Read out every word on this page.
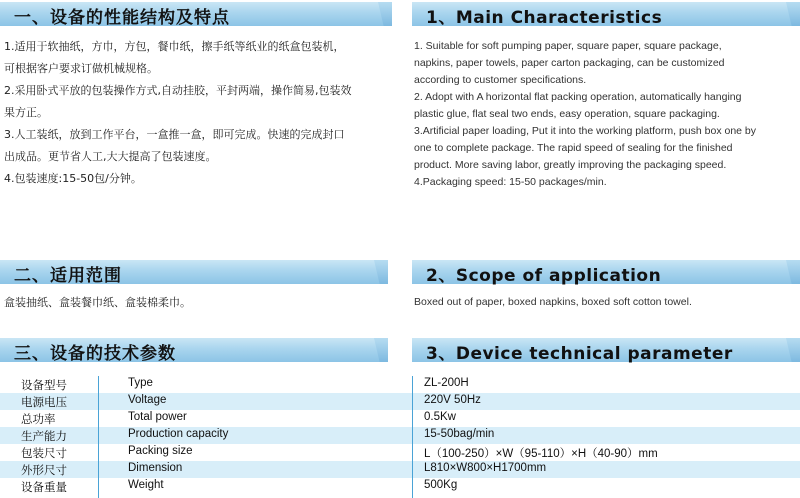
一、设备的性能结构及特点	1、Main Characteristics
1.适用于软抽纸，方巾，方包，餐巾纸，擦手纸等纸业的纸盒包装机，
可根据客户要求订做机械规格。
2.采用卧式平放的包装操作方式,自动挂胶，平封两端，操作简易,包装效
果方正。
3.人工装纸，放到工作平台，一盒推一盒，即可完成。快速的完成封口
出成品。更节省人工,大大提高了包装速度。
4.包装速度:15-50包/分钟。
1. Suitable for soft pumping paper, square paper, square package,
napkins, paper towels, paper carton packaging, can be customized
according to customer specifications.
2. Adopt with A horizontal flat packing operation, automatically hanging
plastic glue, flat seal two ends, easy operation, square packaging.
3.Artificial paper loading, Put it into the working platform, push box one by
one to complete package. The rapid speed of sealing for the finished
product. More saving labor, greatly improving the packaging speed.
4.Packaging speed: 15-50 packages/min.
二、适用范围	2、Scope of application
盒装抽纸、盒装餐巾纸、盒装棉柔巾。	Boxed out of paper, boxed napkins, boxed soft cotton towel.
三、设备的技术参数	3、Device technical parameter
设备型号	Type	ZL-200H
电源电压	Voltage	220V 50Hz
总功率	Total power	0.5Kw
生产能力	Production capacity	15-50bag/min
包装尺寸	Packing size	L（100-250）×W（95-110）×H（40-90）mm
外形尺寸	Dimension	L810×W800×H1700mm
设备重量	Weight	500Kg
